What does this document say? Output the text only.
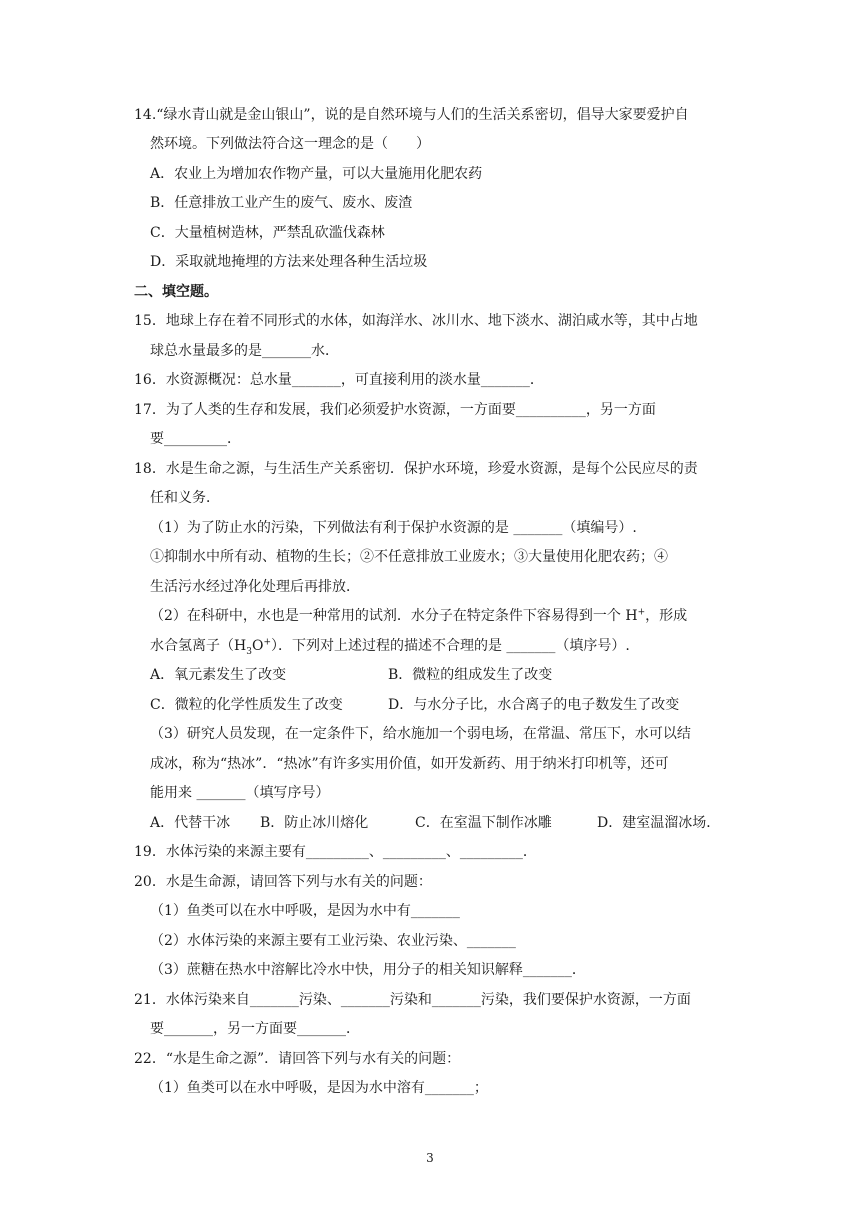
14.“绿水青山就是金山银山”，说的是自然环境与人们的生活关系密切，倡导大家要爱护自
然环境。下列做法符合这一理念的是（　　）
A．农业上为增加农作物产量，可以大量施用化肥农药
B．任意排放工业产生的废气、废水、废渣
C．大量植树造林，严禁乱砍滥伐森林
D．采取就地掩埋的方法来处理各种生活垃圾
二、填空题。
15．地球上存在着不同形式的水体，如海洋水、冰川水、地下淡水、湖泊咸水等，其中占地
球总水量最多的是_______水．
16．水资源概况：总水量_______，可直接利用的淡水量_______．
17．为了人类的生存和发展，我们必须爱护水资源，一方面要__________，另一方面
要_________．
18．水是生命之源，与生活生产关系密切．保护水环境，珍爱水资源，是每个公民应尽的责
任和义务．
（1）为了防止水的污染，下列做法有利于保护水资源的是 _______（填编号）.
①抑制水中所有动、植物的生长；②不任意排放工业废水；③大量使用化肥农药；④
生活污水经过净化处理后再排放．
（2）在科研中，水也是一种常用的试剂．水分子在特定条件下容易得到一个 H+，形成
水合氢离子$(H_3O^+)$．下列对上述过程的描述不合理的是 _______（填序号）.
A．氧元素发生了改变	B．微粒的组成发生了改变
C．微粒的化学性质发生了改变	D．与水分子比，水合离子的电子数发生了改变
（3）研究人员发现，在一定条件下，给水施加一个弱电场，在常温、常压下，水可以结
成冰，称为“热冰”．“热冰”有许多实用价值，如开发新药、用于纳米打印机等，还可
能用来 _______（填写序号）
A．代替干冰 B．防止冰川熔化	C．在室温下制作冰雕	D．建室温溜冰场．
19．水体污染的来源主要有_________、_________、_________．
20．水是生命源，请回答下列与水有关的问题：
（1）鱼类可以在水中呼吸，是因为水中有_______
（2）水体污染的来源主要有工业污染、农业污染、_______
（3）蔗糖在热水中溶解比冷水中快，用分子的相关知识解释_______．
21．水体污染来自_______污染、_______污染和_______污染，我们要保护水资源，一方面
要_______，另一方面要_______．
22．“水是生命之源”．请回答下列与水有关的问题：
（1）鱼类可以在水中呼吸，是因为水中溶有_______；
3
